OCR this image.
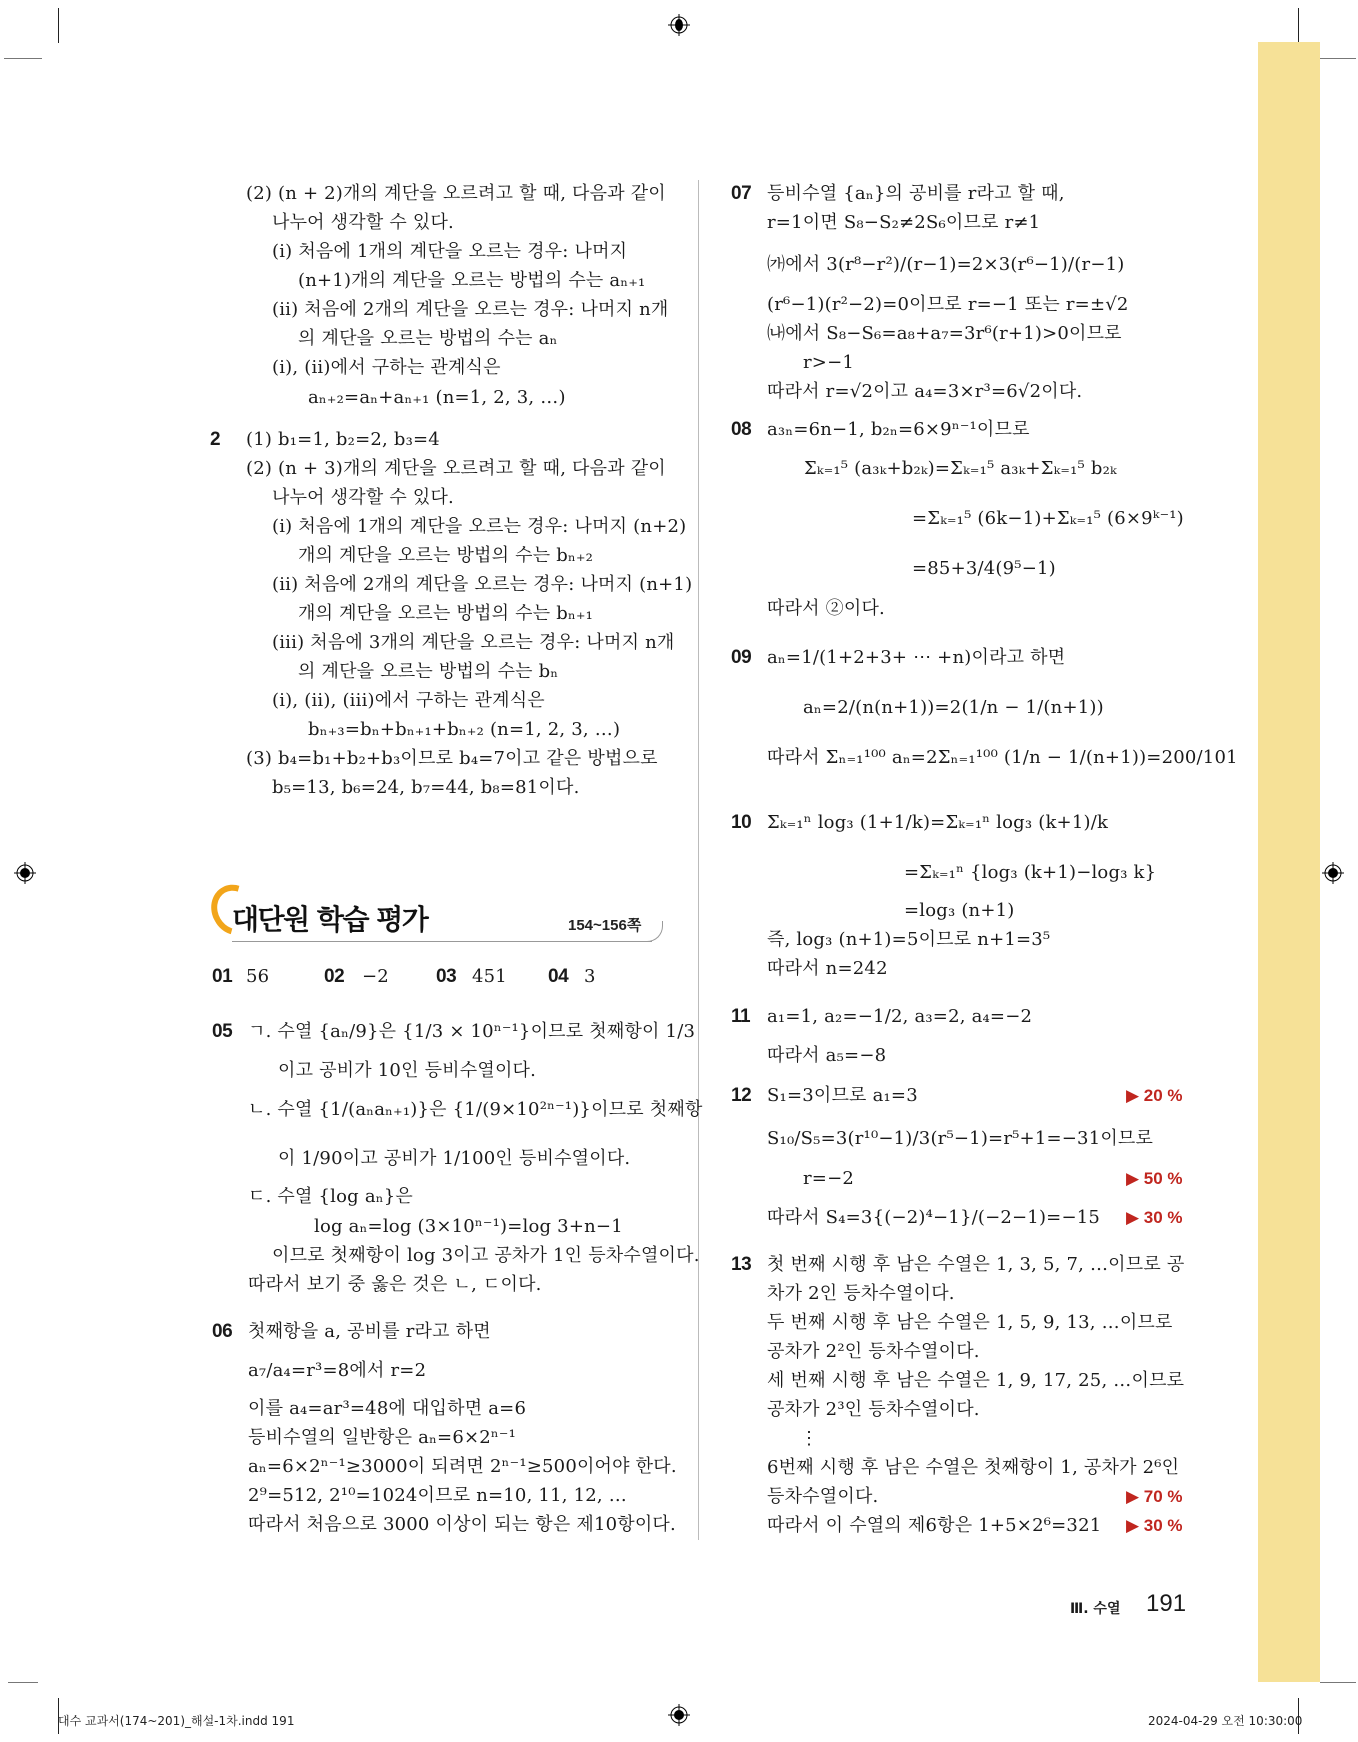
(2) (n + 2)개의 계단을 오르려고 할 때, 다음과 같이
나누어 생각할 수 있다.
(i) 처음에 1개의 계단을 오르는 경우: 나머지
(n+1)개의 계단을 오르는 방법의 수는 aₙ₊₁
(ii) 처음에 2개의 계단을 오르는 경우: 나머지 n개
의 계단을 오르는 방법의 수는 aₙ
(i), (ii)에서 구하는 관계식은
aₙ₊₂=aₙ+aₙ₊₁ (n=1, 2, 3, …)
2 (1) b₁=1, b₂=2, b₃=4
(2) (n + 3)개의 계단을 오르려고 할 때, 다음과 같이
나누어 생각할 수 있다.
(i) 처음에 1개의 계단을 오르는 경우: 나머지 (n+2)
개의 계단을 오르는 방법의 수는 bₙ₊₂
(ii) 처음에 2개의 계단을 오르는 경우: 나머지 (n+1)
개의 계단을 오르는 방법의 수는 bₙ₊₁
(iii) 처음에 3개의 계단을 오르는 경우: 나머지 n개
의 계단을 오르는 방법의 수는 bₙ
(i), (ii), (iii)에서 구하는 관계식은
bₙ₊₃=bₙ+bₙ₊₁+bₙ₊₂ (n=1, 2, 3, …)
(3) b₄=b₁+b₂+b₃이므로 b₄=7이고 같은 방법으로
b₅=13, b₆=24, b₇=44, b₈=81이다.
대단원 학습 평가	154~156쪽
01 56	02 −2 03 451 04 3
05 ㄱ. 수열 {aₙ/9}은 {1/3 × 10ⁿ⁻¹}이므로 첫째항이 1/3
이고 공비가 10인 등비수열이다.
ㄴ. 수열 {1/(aₙaₙ₊₁)}은 {1/(9×10²ⁿ⁻¹)}이므로 첫째항
이 1/90이고 공비가 1/100인 등비수열이다.
ㄷ. 수열 {log aₙ}은
log aₙ=log (3×10ⁿ⁻¹)=log 3+n−1
이므로 첫째항이 log 3이고 공차가 1인 등차수열이다.
따라서 보기 중 옳은 것은 ㄴ, ㄷ이다.
06 첫째항을 a, 공비를 r라고 하면
a₇/a₄=r³=8에서 r=2
이를 a₄=ar³=48에 대입하면 a=6
등비수열의 일반항은 aₙ=6×2ⁿ⁻¹
aₙ=6×2ⁿ⁻¹≥3000이 되려면 2ⁿ⁻¹≥500이어야 한다.
2⁹=512, 2¹⁰=1024이므로 n=10, 11, 12, …
따라서 처음으로 3000 이상이 되는 항은 제10항이다.
07 등비수열 {aₙ}의 공비를 r라고 할 때,
r=1이면 S₈−S₂≠2S₆이므로 r≠1
㈎에서 3(r⁸−r²)/(r−1)=2×3(r⁶−1)/(r−1)
(r⁶−1)(r²−2)=0이므로 r=−1 또는 r=±√2
㈏에서 S₈−S₆=a₈+a₇=3r⁶(r+1)>0이므로
r>−1
따라서 r=√2이고 a₄=3×r³=6√2이다.
08 a₃ₙ=6n−1, b₂ₙ=6×9ⁿ⁻¹이므로
Σₖ₌₁⁵ (a₃ₖ+b₂ₖ)=Σₖ₌₁⁵ a₃ₖ+Σₖ₌₁⁵ b₂ₖ
=Σₖ₌₁⁵ (6k−1)+Σₖ₌₁⁵ (6×9ᵏ⁻¹)
=85+3/4(9⁵−1)
따라서 ②이다.
09 aₙ=1/(1+2+3+ ⋯ +n)이라고 하면
aₙ=2/(n(n+1))=2(1/n − 1/(n+1))
따라서 Σₙ₌₁¹⁰⁰ aₙ=2Σₙ₌₁¹⁰⁰ (1/n − 1/(n+1))=200/101
10 Σₖ₌₁ⁿ log₃ (1+1/k)=Σₖ₌₁ⁿ log₃ (k+1)/k
=Σₖ₌₁ⁿ {log₃ (k+1)−log₃ k}
=log₃ (n+1)
즉, log₃ (n+1)=5이므로 n+1=3⁵
따라서 n=242
11 a₁=1, a₂=−1/2, a₃=2, a₄=−2
따라서 a₅=−8
12 S₁=3이므로 a₁=3	▶ 20 %
S₁₀/S₅=3(r¹⁰−1)/3(r⁵−1)=r⁵+1=−31이므로
r=−2	▶ 50 %
따라서 S₄=3{(−2)⁴−1}/(−2−1)=−15 ▶ 30 %
13 첫 번째 시행 후 남은 수열은 1, 3, 5, 7, …이므로 공
차가 2인 등차수열이다.
두 번째 시행 후 남은 수열은 1, 5, 9, 13, …이므로
공차가 2²인 등차수열이다.
세 번째 시행 후 남은 수열은 1, 9, 17, 25, …이므로
공차가 2³인 등차수열이다.
⋮
6번째 시행 후 남은 수열은 첫째항이 1, 공차가 2⁶인
등차수열이다.	▶ 70 %
따라서 이 수열의 제6항은 1+5×2⁶=321 ▶ 30 %
Ⅲ. 수열 191
대수 교과서(174~201)_해설-1차.indd 191	2024-04-29 오전 10:30:00
